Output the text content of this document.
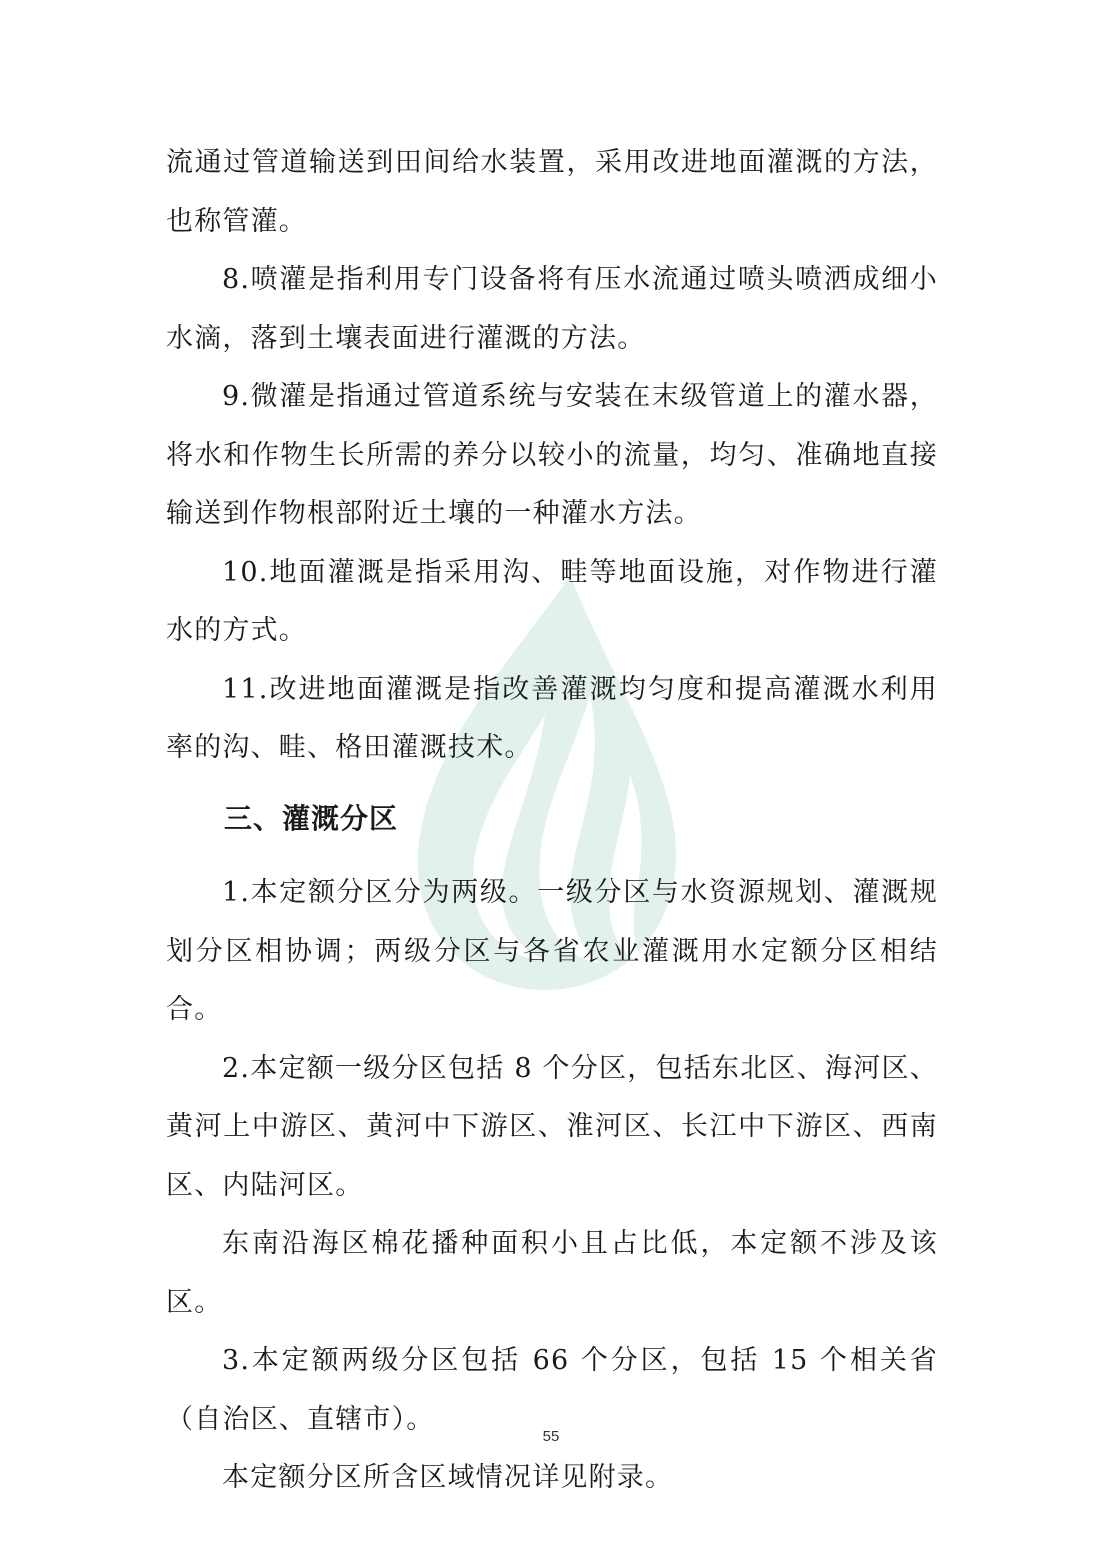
流通过管道输送到田间给水装置，采用改进地面灌溉的方法，也称管灌。

8.喷灌是指利用专门设备将有压水流通过喷头喷洒成细小水滴，落到土壤表面进行灌溉的方法。

9.微灌是指通过管道系统与安装在末级管道上的灌水器，将水和作物生长所需的养分以较小的流量，均匀、准确地直接输送到作物根部附近土壤的一种灌水方法。

10.地面灌溉是指采用沟、畦等地面设施，对作物进行灌水的方式。

11.改进地面灌溉是指改善灌溉均匀度和提高灌溉水利用率的沟、畦、格田灌溉技术。

三、灌溉分区

1.本定额分区分为两级。一级分区与水资源规划、灌溉规划分区相协调；两级分区与各省农业灌溉用水定额分区相结合。

2.本定额一级分区包括 8 个分区，包括东北区、海河区、黄河上中游区、黄河中下游区、淮河区、长江中下游区、西南区、内陆河区。

东南沿海区棉花播种面积小且占比低，本定额不涉及该区。

3.本定额两级分区包括 66 个分区，包括 15 个相关省（自治区、直辖市）。

本定额分区所含区域情况详见附录。

55
